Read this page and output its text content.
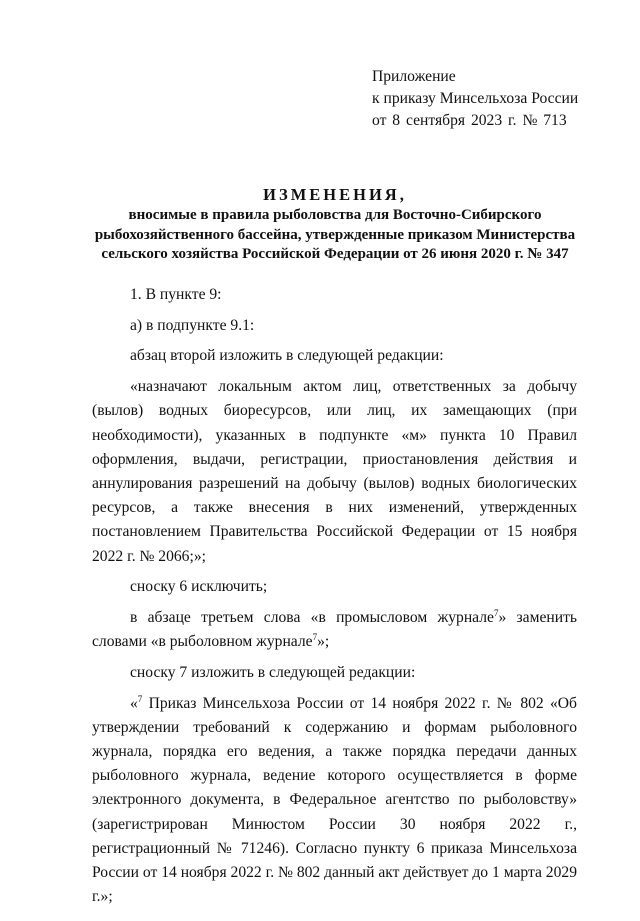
Приложение
к приказу Минсельхоза России
от 8 сентября 2023 г. № 713
ИЗМЕНЕНИЯ,
вносимые в правила рыболовства для Восточно-Сибирского
рыбохозяйственного бассейна, утвержденные приказом Министерства
сельского хозяйства Российской Федерации от 26 июня 2020 г. № 347

1. В пункте 9:

а) в подпункте 9.1:

абзац второй изложить в следующей редакции:

«назначают локальным актом лиц, ответственных за добычу (вылов) водных биоресурсов, или лиц, их замещающих (при необходимости), указанных в подпункте «м» пункта 10 Правил оформления, выдачи, регистрации, приостановления действия и аннулирования разрешений на добычу (вылов) водных биологических ресурсов, а также внесения в них изменений, утвержденных постановлением Правительства Российской Федерации от 15 ноября 2022 г. № 2066;»;

сноску 6 исключить;

в абзаце третьем слова «в промысловом журнале$^7$» заменить словами «в рыболовном журнале$^7$»;

сноску 7 изложить в следующей редакции:

«$^7$ Приказ Минсельхоза России от 14 ноября 2022 г. № 802 «Об утверждении требований к содержанию и формам рыболовного журнала, порядка его ведения, а также порядка передачи данных рыболовного журнала, ведение которого осуществляется в форме электронного документа, в Федеральное агентство по рыболовству» (зарегистрирован Минюстом России 30 ноября 2022 г., регистрационный № 71246). Согласно пункту 6 приказа Минсельхоза России от 14 ноября 2022 г. № 802 данный акт действует до 1 марта 2029 г.»;
